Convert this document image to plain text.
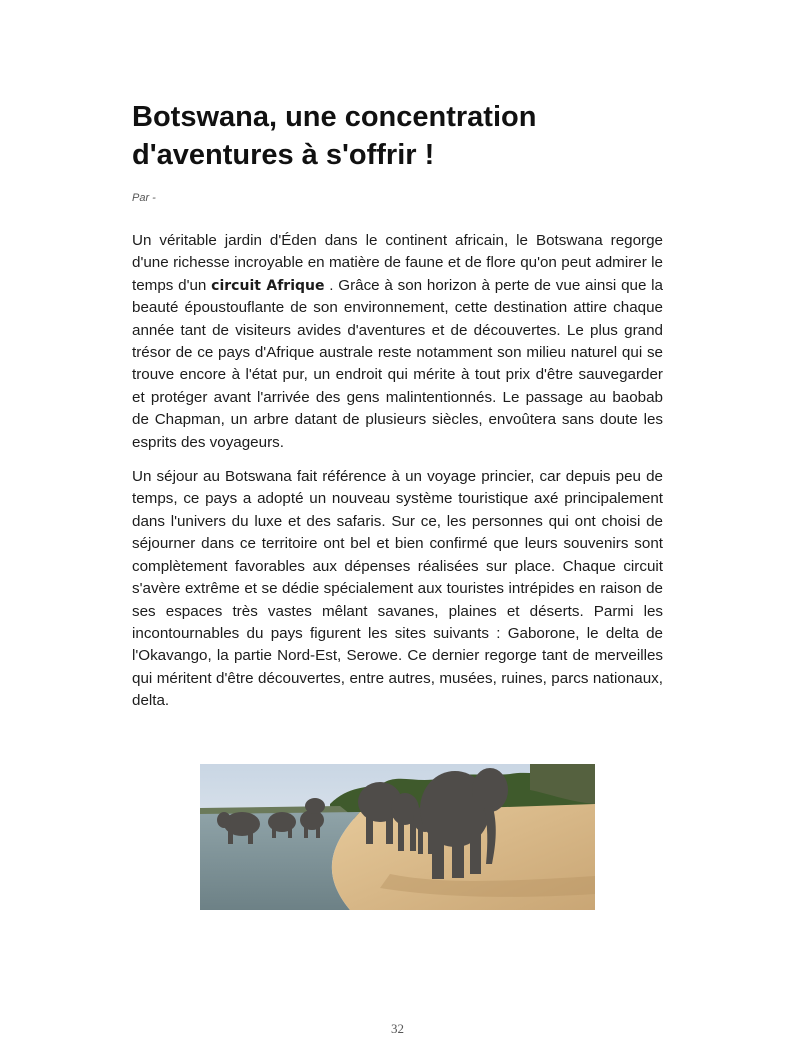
Botswana, une concentration
d'aventures à s'offrir !
Par -

Un véritable jardin d'Éden dans le continent africain, le Botswana regorge d'une richesse incroyable en matière de faune et de flore qu'on peut admirer le temps d'un circuit Afrique . Grâce à son horizon à perte de vue ainsi que la beauté époustouflante de son environnement, cette destination attire chaque année tant de visiteurs avides d'aventures et de découvertes. Le plus grand trésor de ce pays d'Afrique australe reste notamment son milieu naturel qui se trouve encore à l'état pur, un endroit qui mérite à tout prix d'être sauvegarder et protéger avant l'arrivée des gens malintentionnés. Le passage au baobab de Chapman, un arbre datant de plusieurs siècles, envoûtera sans doute les esprits des voyageurs.

Un séjour au Botswana fait référence à un voyage princier, car depuis peu de temps, ce pays a adopté un nouveau système touristique axé principalement dans l'univers du luxe et des safaris. Sur ce, les personnes qui ont choisi de séjourner dans ce territoire ont bel et bien confirmé que leurs souvenirs sont complètement favorables aux dépenses réalisées sur place. Chaque circuit s'avère extrême et se dédie spécialement aux touristes intrépides en raison de ses espaces très vastes mêlant savanes, plaines et déserts. Parmi les incontournables du pays figurent les sites suivants : Gaborone, le delta de l'Okavango, la partie Nord-Est, Serowe. Ce dernier regorge tant de merveilles qui méritent d'être découvertes, entre autres, musées, ruines, parcs nationaux, delta.

32
